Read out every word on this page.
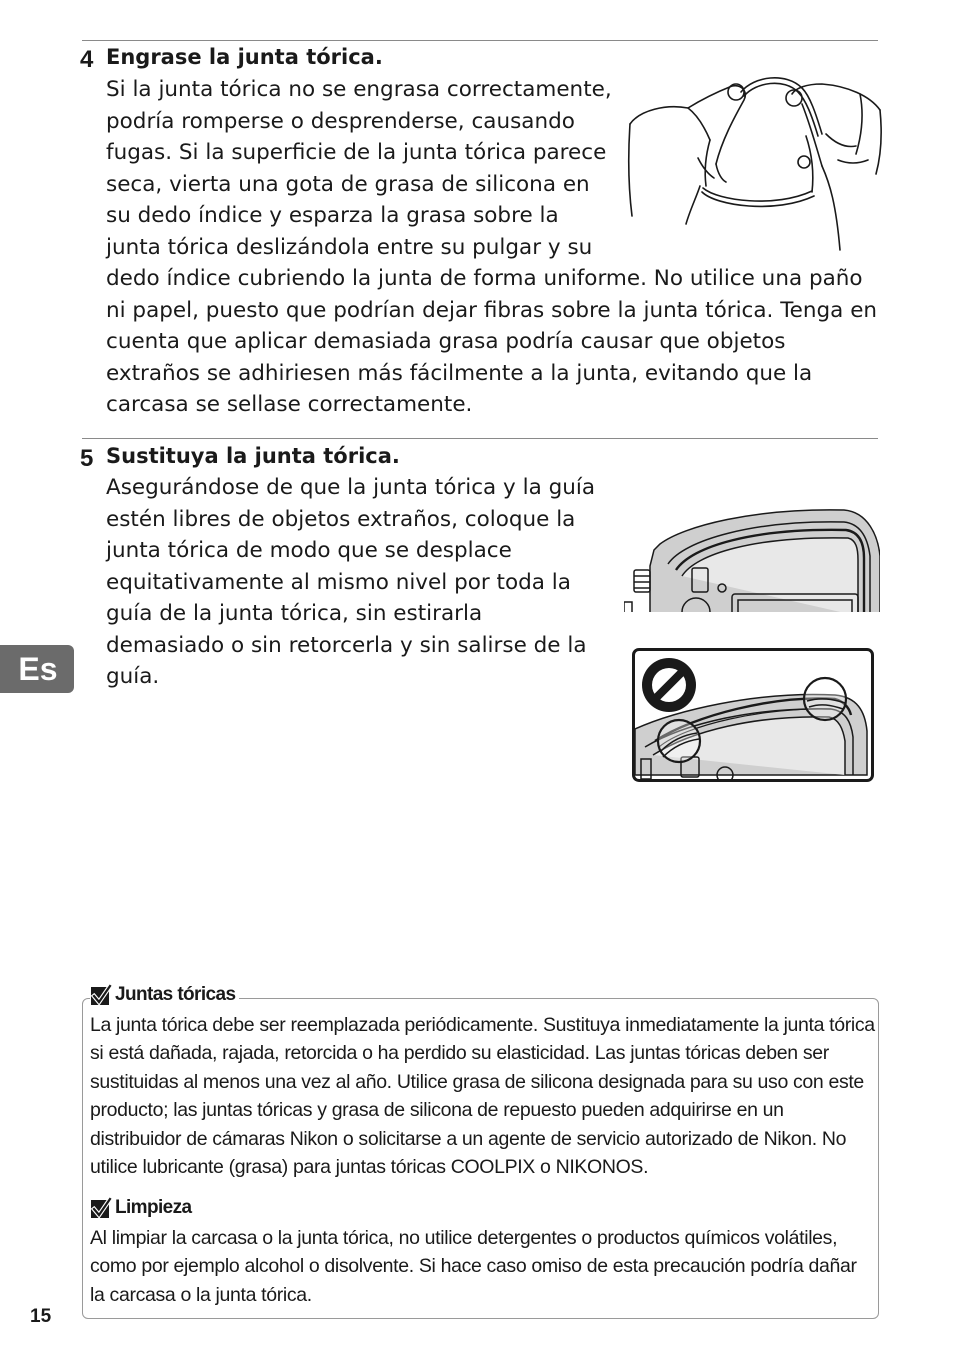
4 Engrase la junta tórica.

Si la junta tórica no se engrasa correctamente, podría romperse o desprenderse, causando fugas. Si la superficie de la junta tórica parece seca, vierta una gota de grasa de silicona en su dedo índice y esparza la grasa sobre la junta tórica deslizándola entre su pulgar y su dedo índice cubriendo la junta de forma uniforme. No utilice una paño ni papel, puesto que podrían dejar fibras sobre la junta tórica. Tenga en cuenta que aplicar demasiada grasa podría causar que objetos extraños se adhiriesen más fácilmente a la junta, evitando que la carcasa se sellase correctamente.

5 Sustituya la junta tórica.

Asegurándose de que la junta tórica y la guía estén libres de objetos extraños, coloque la junta tórica de modo que se desplace equitativamente al mismo nivel por toda la guía de la junta tórica, sin estirarla demasiado o sin retorcerla y sin salirse de la guía.

Es
Juntas tóricas

La junta tórica debe ser reemplazada periódicamente. Sustituya inmediatamente la junta tórica si está dañada, rajada, retorcida o ha perdido su elasticidad. Las juntas tóricas deben ser sustituidas al menos una vez al año. Utilice grasa de silicona designada para su uso con este producto; las juntas tóricas y grasa de silicona de repuesto pueden adquirirse en un distribuidor de cámaras Nikon o solicitarse a un agente de servicio autorizado de Nikon. No utilice lubricante (grasa) para juntas tóricas COOLPIX o NIKONOS.

Limpieza

Al limpiar la carcasa o la junta tórica, no utilice detergentes o productos químicos volátiles, como por ejemplo alcohol o disolvente. Si hace caso omiso de esta precaución podría dañar la carcasa o la junta tórica.

15
